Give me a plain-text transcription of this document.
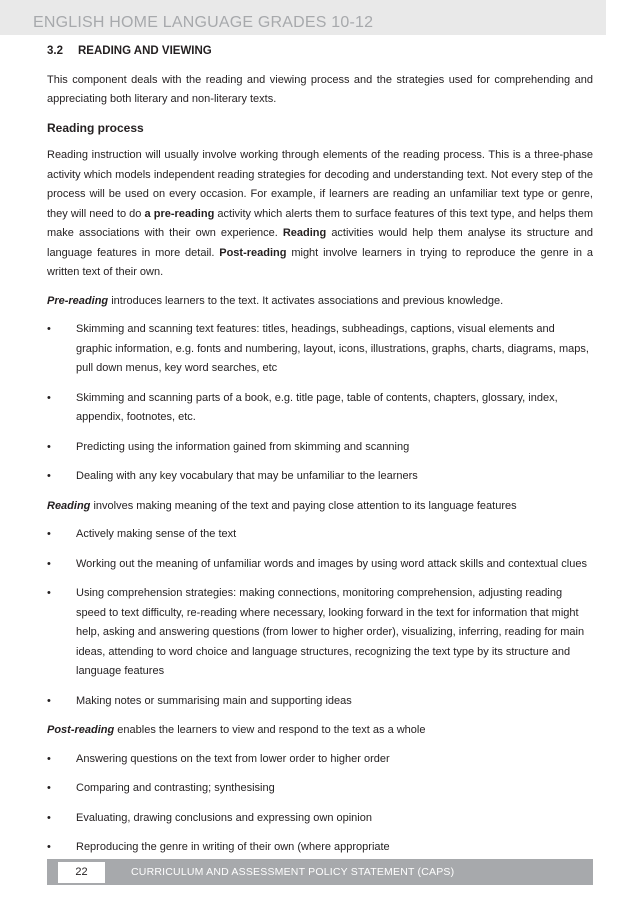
ENGLISH HOME LANGUAGE GRADES 10-12
3.2 READING AND VIEWING

This component deals with the reading and viewing process and the strategies used for comprehending and appreciating both literary and non-literary texts.

Reading process

Reading instruction will usually involve working through elements of the reading process. This is a three-phase activity which models independent reading strategies for decoding and understanding text. Not every step of the process will be used on every occasion. For example, if learners are reading an unfamiliar text type or genre, they will need to do a pre-reading activity which alerts them to surface features of this text type, and helps them make associations with their own experience. Reading activities would help them analyse its structure and language features in more detail. Post-reading might involve learners in trying to reproduce the genre in a written text of their own.

Pre-reading introduces learners to the text. It activates associations and previous knowledge.

• Skimming and scanning text features: titles, headings, subheadings, captions, visual elements and graphic information, e.g. fonts and numbering, layout, icons, illustrations, graphs, charts, diagrams, maps, pull down menus, key word searches, etc
• Skimming and scanning parts of a book, e.g. title page, table of contents, chapters, glossary, index, appendix, footnotes, etc.
• Predicting using the information gained from skimming and scanning
• Dealing with any key vocabulary that may be unfamiliar to the learners

Reading involves making meaning of the text and paying close attention to its language features

• Actively making sense of the text
• Working out the meaning of unfamiliar words and images by using word attack skills and contextual clues
• Using comprehension strategies: making connections, monitoring comprehension, adjusting reading speed to text difficulty, re-reading where necessary, looking forward in the text for information that might help, asking and answering questions (from lower to higher order), visualizing, inferring, reading for main ideas, attending to word choice and language structures, recognizing the text type by its structure and language features
• Making notes or summarising main and supporting ideas

Post-reading enables the learners to view and respond to the text as a whole

• Answering questions on the text from lower order to higher order
• Comparing and contrasting; synthesising
• Evaluating, drawing conclusions and expressing own opinion
• Reproducing the genre in writing of their own (where appropriate
22	CURRICULUM AND ASSESSMENT POLICY STATEMENT (CAPS)
